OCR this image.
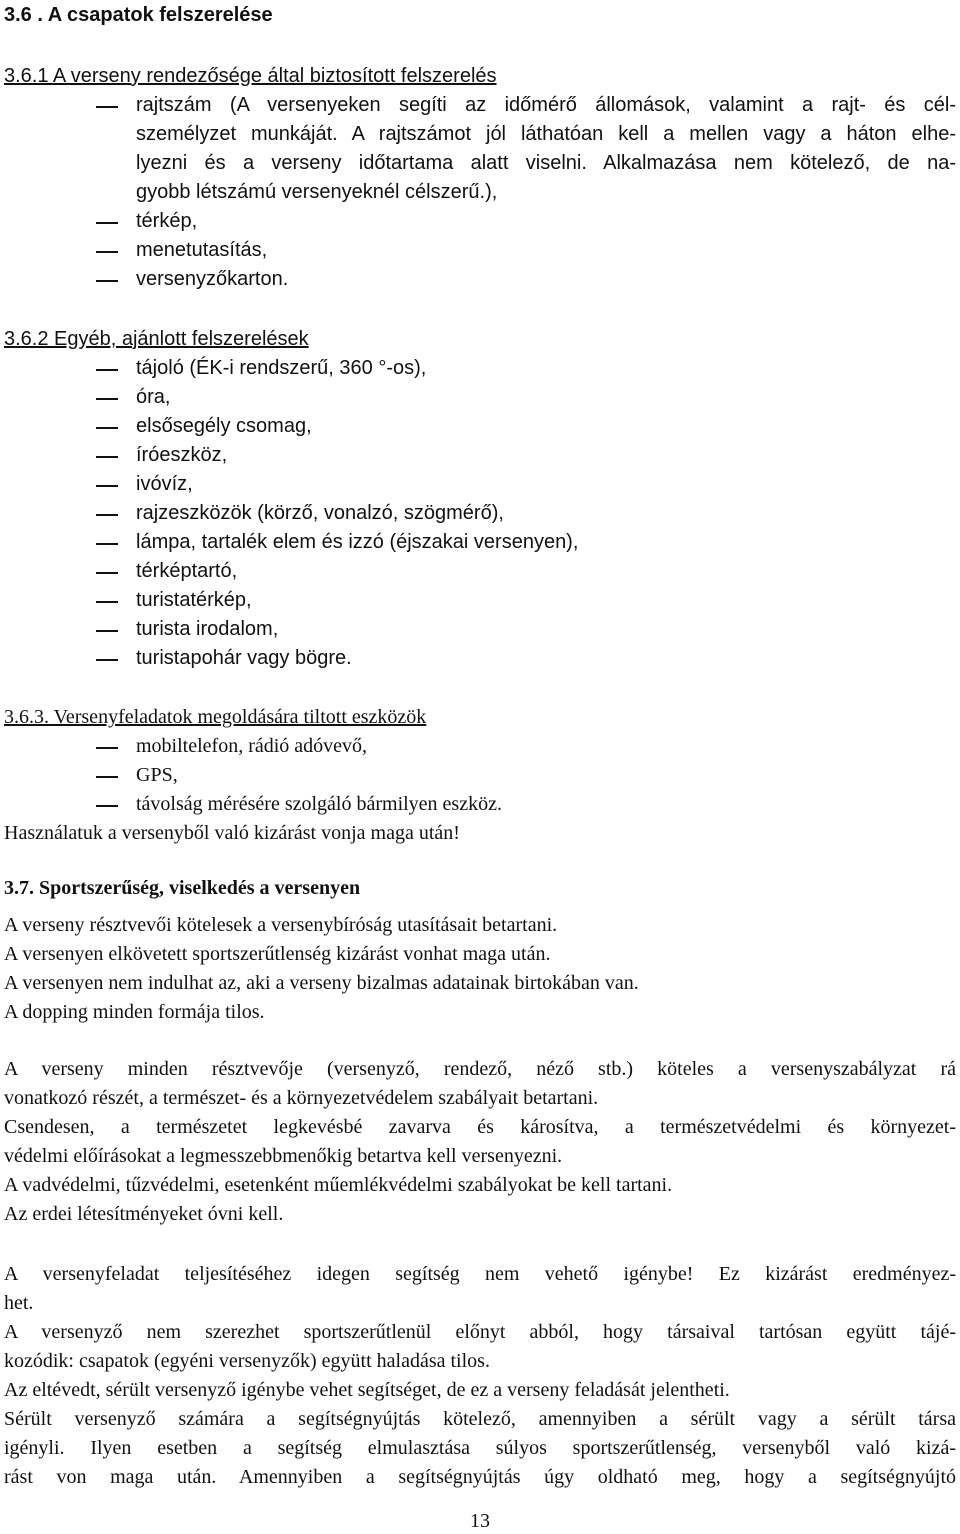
3.6 . A csapatok felszerelése
3.6.1 A verseny rendezősége által biztosított felszerelés
rajtszám (A versenyeken segíti az időmérő állomások, valamint a rajt- és cél-
személyzet munkáját. A rajtszámot jól láthatóan kell a mellen vagy a háton elhe-
lyezni és a verseny időtartama alatt viselni. Alkalmazása nem kötelező, de na-
gyobb létszámú versenyeknél célszerű.),
térkép,
menetutasítás,
versenyzőkarton.
3.6.2 Egyéb, ajánlott felszerelések
tájoló (ÉK-i rendszerű, 360 °-os),
óra,
elsősegély csomag,
íróeszköz,
ivóvíz,
rajzeszközök (körző, vonalzó, szögmérő),
lámpa, tartalék elem és izzó (éjszakai versenyen),
térképtartó,
turistatérkép,
turista irodalom,
turistapohár vagy bögre.
3.6.3. Versenyfeladatok megoldására tiltott eszközök
mobiltelefon, rádió adóvevő,
GPS,
távolság mérésére szolgáló bármilyen eszköz.
Használatuk a versenyből való kizárást vonja maga után!
3.7. Sportszerűség, viselkedés a versenyen
A verseny résztvevői kötelesek a versenybíróság utasításait betartani.
A versenyen elkövetett sportszerűtlenség kizárást vonhat maga után.
A versenyen nem indulhat az, aki a verseny bizalmas adatainak birtokában van.
A dopping minden formája tilos.
A verseny minden résztvevője (versenyző, rendező, néző stb.) köteles a versenyszabályzat rá
vonatkozó részét, a természet- és a környezetvédelem szabályait betartani.
Csendesen, a természetet legkevésbé zavarva és károsítva, a természetvédelmi és környezet-
védelmi előírásokat a legmesszebbmenőkig betartva kell versenyezni.
A vadvédelmi, tűzvédelmi, esetenként műemlékvédelmi szabályokat be kell tartani.
Az erdei létesítményeket óvni kell.
A versenyfeladat teljesítéséhez idegen segítség nem vehető igénybe! Ez kizárást eredményez-
het.
A versenyző nem szerezhet sportszerűtlenül előnyt abból, hogy társaival tartósan együtt tájé-
kozódik: csapatok (egyéni versenyzők) együtt haladása tilos.
Az eltévedt, sérült versenyző igénybe vehet segítséget, de ez a verseny feladását jelentheti.
Sérült versenyző számára a segítségnyújtás kötelező, amennyiben a sérült vagy a sérült társa
igényli. Ilyen esetben a segítség elmulasztása súlyos sportszerűtlenség, versenyből való kizá-
rást von maga után. Amennyiben a segítségnyújtás úgy oldható meg, hogy a segítségnyújtó
13
